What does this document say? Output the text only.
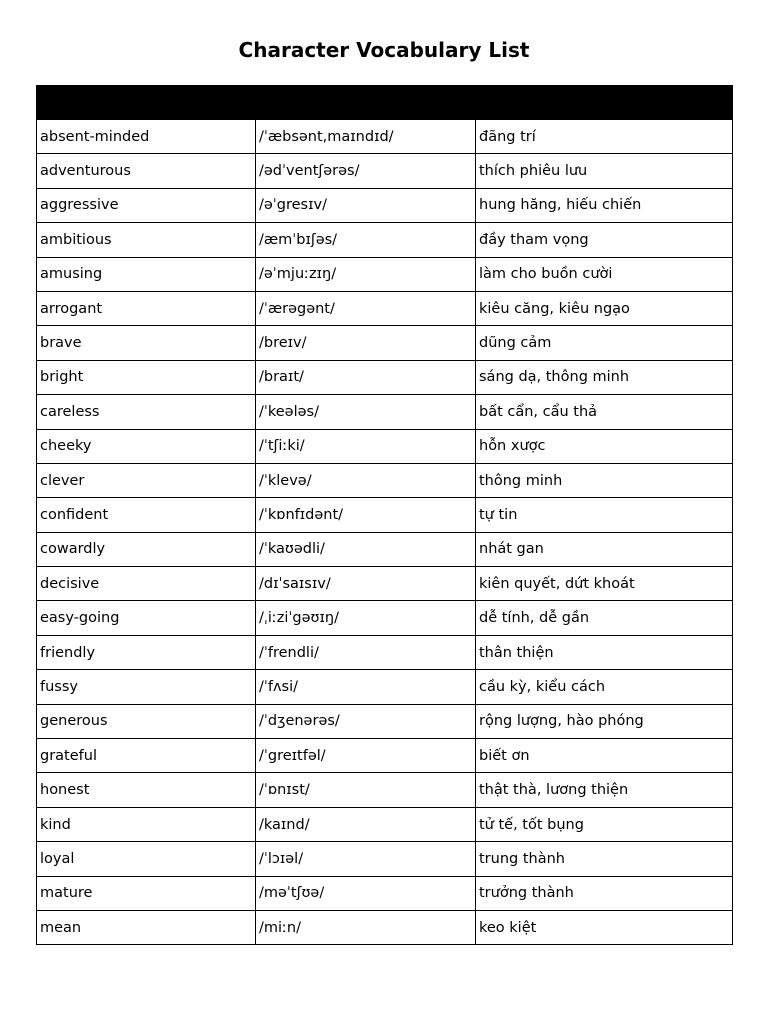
Character Vocabulary List

absent-minded	/ˈæbsənt,maɪndɪd/	đãng trí
adventurous	/ədˈventʃərəs/	thích phiêu lưu
aggressive	/əˈgresɪv/	hung hăng, hiếu chiến
ambitious	/æmˈbɪʃəs/	đầy tham vọng
amusing	/əˈmjuːzɪŋ/	làm cho buồn cười
arrogant	/ˈærəgənt/	kiêu căng, kiêu ngạo
brave	/breɪv/	dũng cảm
bright	/braɪt/	sáng dạ, thông minh
careless	/ˈkeələs/	bất cẩn, cẩu thả
cheeky	/ˈtʃiːki/	hỗn xược
clever	/ˈklevə/	thông minh
confident	/ˈkɒnfɪdənt/	tự tin
cowardly	/ˈkaʊədli/	nhát gan
decisive	/dɪˈsaɪsɪv/	kiên quyết, dứt khoát
easy-going	/ˌiːziˈgəʊɪŋ/	dễ tính, dễ gần
friendly	/ˈfrendli/	thân thiện
fussy	/ˈfʌsi/	cầu kỳ, kiểu cách
generous	/ˈdʒenərəs/	rộng lượng, hào phóng
grateful	/ˈgreɪtfəl/	biết ơn
honest	/ˈɒnɪst/	thật thà, lương thiện
kind	/kaɪnd/	tử tế, tốt bụng
loyal	/ˈlɔɪəl/	trung thành
mature	/məˈtʃʊə/	trưởng thành
mean	/miːn/	keo kiệt
